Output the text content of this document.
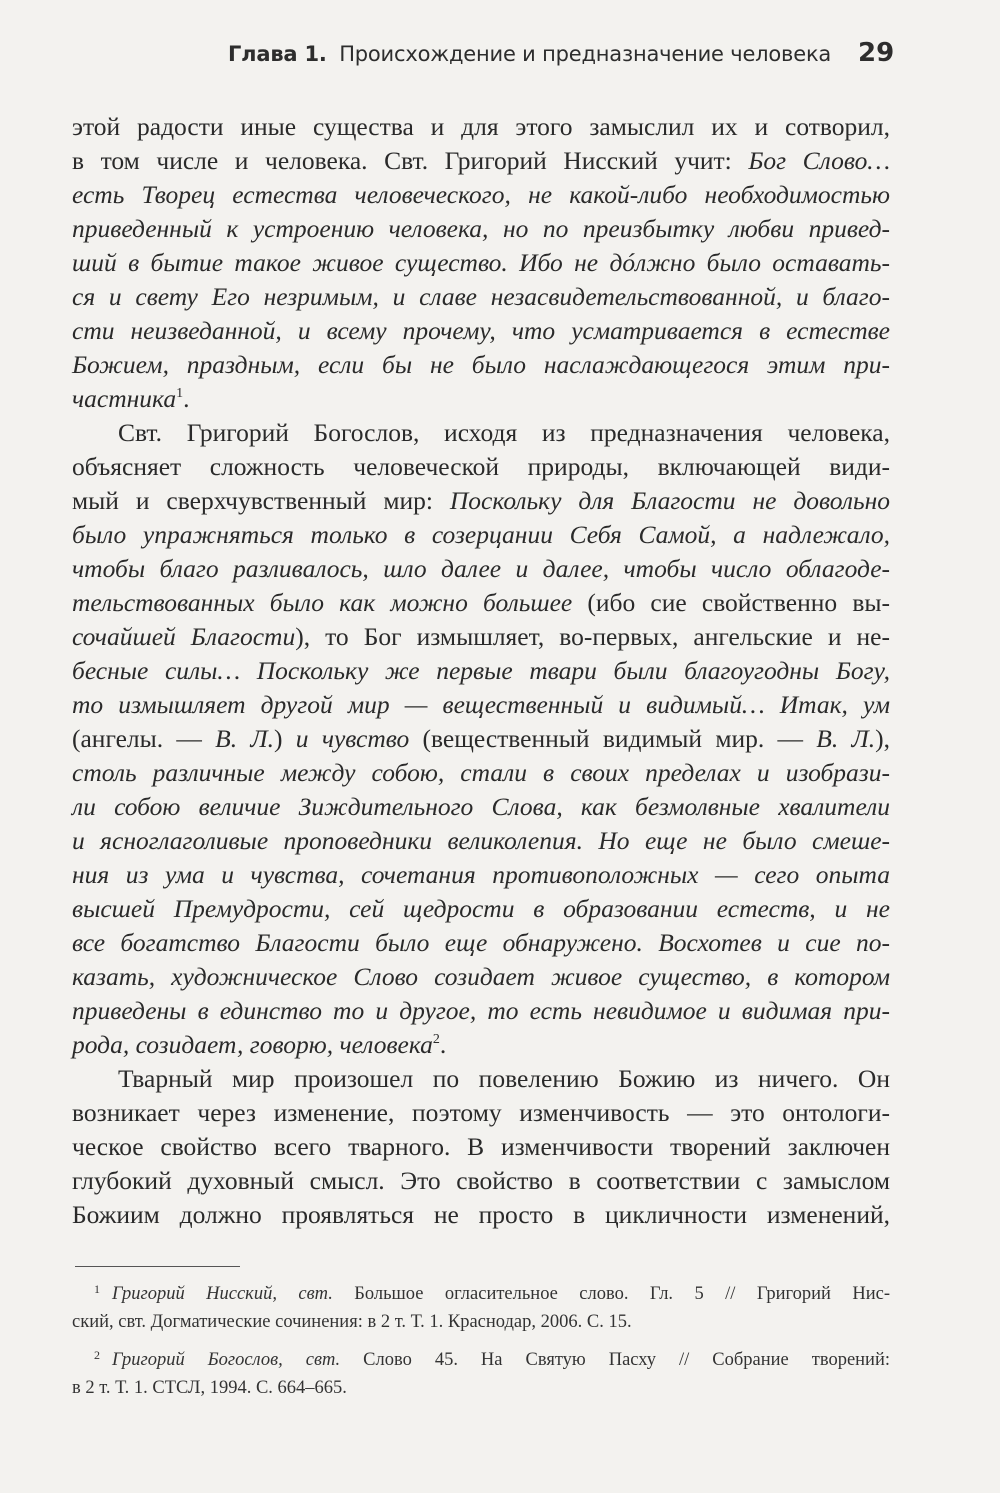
Глава 1. Происхождение и предназначение человека 29
этой радости иные существа и для этого замыслил их и сотворил,
в том числе и человека. Свт. Григорий Нисский учит: Бог Слово…
есть Творец естества человеческого, не какой-либо необходимостью
приведенный к устроению человека, но по преизбытку любви привед-
ший в бытие такое живое существо. Ибо не дóлжно было оставать-
ся и свету Его незримым, и славе незасвидетельствованной, и благо-
сти неизведанной, и всему прочему, что усматривается в естестве
Божием, праздным, если бы не было наслаждающегося этим при-
частника$^1$.
Свт. Григорий Богослов, исходя из предназначения человека,
объясняет сложность человеческой природы, включающей види-
мый и сверхчувственный мир: Поскольку для Благости не довольно
было упражняться только в созерцании Себя Самой, а надлежало,
чтобы благо разливалось, шло далее и далее, чтобы число облагоде-
тельствованных было как можно большее (ибо сие свойственно вы-
сочайшей Благости), то Бог измышляет, во-первых, ангельские и не-
бесные силы… Поскольку же первые твари были благоугодны Богу,
то измышляет другой мир — вещественный и видимый… Итак, ум
(ангелы. — В. Л.) и чувство (вещественный видимый мир. — В. Л.),
столь различные между собою, стали в своих пределах и изобрази-
ли собою величие Зиждительного Слова, как безмолвные хвалители
и ясноглаголивые проповедники великолепия. Но еще не было смеше-
ния из ума и чувства, сочетания противоположных — сего опыта
высшей Премудрости, сей щедрости в образовании естеств, и не
все богатство Благости было еще обнаружено. Восхотев и сие по-
казать, художническое Слово созидает живое существо, в котором
приведены в единство то и другое, то есть невидимое и видимая при-
рода, созидает, говорю, человека$^2$.
Тварный мир произошел по повелению Божию из ничего. Он
возникает через изменение, поэтому изменчивость — это онтологи-
ческое свойство всего тварного. В изменчивости творений заключен
глубокий духовный смысл. Это свойство в соответствии с замыслом
Божиим должно проявляться не просто в цикличности изменений,
$^1$ Григорий Нисский, свт. Большое огласительное слово. Гл. 5 // Григорий Нис-
ский, свт. Догматические сочинения: в 2 т. Т. 1. Краснодар, 2006. С. 15.
$^2$ Григорий Богослов, свт. Слово 45. На Святую Пасху // Собрание творений:
в 2 т. Т. 1. СТСЛ, 1994. С. 664–665.
